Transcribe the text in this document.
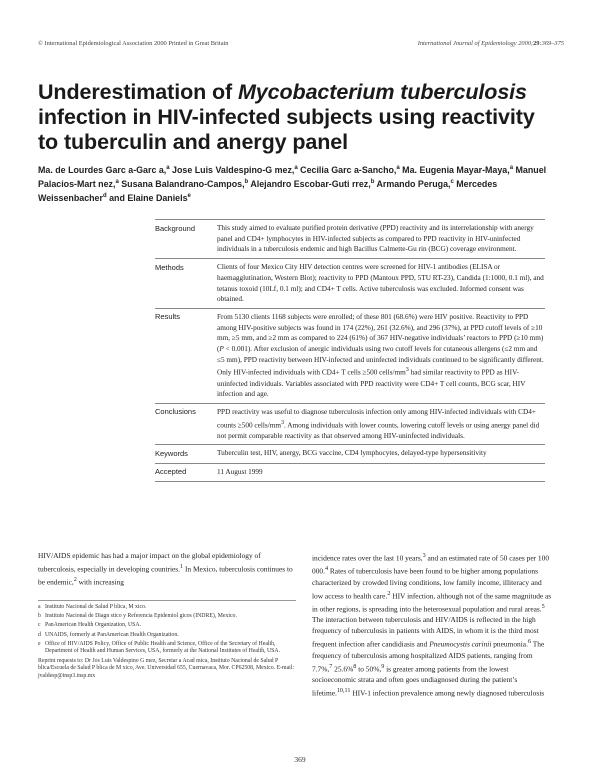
© International Epidemiological Association 2000 Printed in Great Britain	International Journal of Epidemiology 2000;29:369–375
Underestimation of Mycobacterium tuberculosis infection in HIV-infected subjects using reactivity to tuberculin and anergy panel
Ma. de Lourdes Garc a-Garc a,$^a$ Jose Luis Valdespino-G mez,$^a$ Cecilia Garc a-Sancho,$^a$ Ma. Eugenia Mayar-Maya,$^a$ Manuel Palacios-Mart nez,$^a$ Susana Balandrano-Campos,$^b$ Alejandro Escobar-Guti rrez,$^b$ Armando Peruga,$^c$ Mercedes Weissenbacher$^d$ and Elaine Daniels$^e$
Background	This study aimed to evaluate purified protein derivative (PPD) reactivity and its interrelationship with anergy panel and CD4+ lymphocytes in HIV-infected subjects as compared to PPD reactivity in HIV-uninfected individuals in a tuberculosis endemic and high Bacillus Calmette-Gu rin (BCG) coverage environment.
Methods	Clients of four Mexico City HIV detection centres were screened for HIV-1 antibodies (ELISA or haemagglutination, Western Blot); reactivity to PPD (Mantoux PPD, 5TU RT-23), Candida (1:1000, 0.1 ml), and tetanus toxoid (10Lf, 0.1 ml); and CD4+ T cells. Active tuberculosis was excluded. Informed consent was obtained.
Results	From 5130 clients 1168 subjects were enrolled; of these 801 (68.6%) were HIV positive. Reactivity to PPD among HIV-positive subjects was found in 174 (22%), 261 (32.6%), and 296 (37%), at PPD cutoff levels of ≥10 mm, ≥5 mm, and ≥2 mm as compared to 224 (61%) of 367 HIV-negative individuals’ reactors to PPD (≥10 mm) (P < 0.001). After exclusion of anergic individuals using two cutoff levels for cutaneous allergens (≤2 mm and ≤5 mm), PPD reactivity between HIV-infected and uninfected individuals continued to be significantly different. Only HIV-infected individuals with CD4+ T cells ≥500 cells/$mm^3$ had similar reactivity to PPD as HIV-uninfected individuals. Variables associated with PPD reactivity were CD4+ T cell counts, BCG scar, HIV infection and age.
Conclusions	PPD reactivity was useful to diagnose tuberculosis infection only among HIV-infected individuals with CD4+ counts ≥500 cells/$mm^3$. Among individuals with lower counts, lowering cutoff levels or using anergy panel did not permit comparable reactivity as that observed among HIV-uninfected individuals.
Keywords	Tuberculin test, HIV, anergy, BCG vaccine, CD4 lymphocytes, delayed-type hypersensitivity
Accepted	11 August 1999

HIV/AIDS epidemic has had a major impact on the global epidemiology of tuberculosis, especially in developing countries.$^1$ In Mexico, tuberculosis continues to be endemic,$^2$ with increasing

a Instituto Nacional de Salud P blica, M xico.
b Instituto Nacional de Diagn stico y Referencia Epidemiol gicos (INDRE), Mexico.
c PanAmerican Health Organization, USA.
d UNAIDS, formerly at PanAmerican Health Organization.
e Office of HIV/AIDS Policy, Office of Public Health and Science, Office of the Secretary of Health, Department of Health and Human Services, USA, formerly at the National Institutes of Health, USA.
Reprint requests to: Dr Jos Luis Valdespino G mez, Secretar a Acad mica, Instituto Nacional de Salud P blica/Escuela de Salud P blica de M xico, Ave. Universidad 655, Cuernavaca, Mor. CP62508, Mexico. E-mail: jvaldesp@insp3.insp.mx

incidence rates over the last 10 years,$^3$ and an estimated rate of 50 cases per 100 000.$^4$ Rates of tuberculosis have been found to be higher among populations characterized by crowded living conditions, low family income, illiteracy and low access to health care.$^2$ HIV infection, although not of the same magnitude as in other regions, is spreading into the heterosexual population and rural areas.$^5$ The interaction between tuberculosis and HIV/AIDS is reflected in the high frequency of tuberculosis in patients with AIDS, in whom it is the third most frequent infection after candidiasis and Pneumocystis carinii pneumonia.$^6$ The frequency of tuberculosis among hospitalized AIDS patients, ranging from 7.7%,$^7$ 25.6%$^8$ to 50%,$^9$ is greater among patients from the lowest socioeconomic strata and often goes undiagnosed during the patient’s lifetime.$^{10,11}$ HIV-1 infection prevalence among newly diagnosed tuberculosis

369
